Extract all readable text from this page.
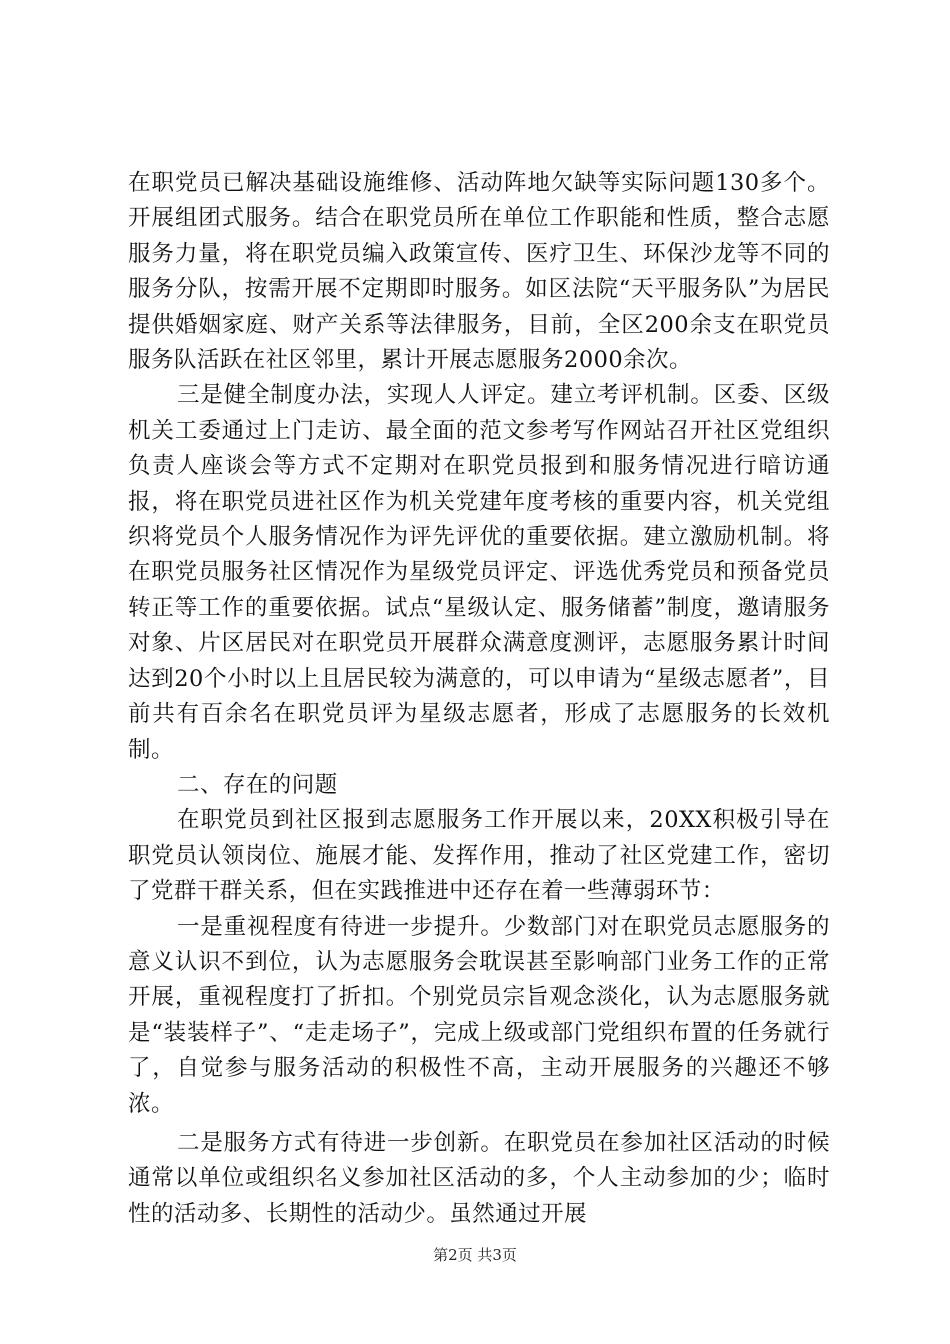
在职党员已解决基础设施维修、活动阵地欠缺等实际问题130多个。开展组团式服务。结合在职党员所在单位工作职能和性质，整合志愿服务力量，将在职党员编入政策宣传、医疗卫生、环保沙龙等不同的服务分队，按需开展不定期即时服务。如区法院“天平服务队”为居民提供婚姻家庭、财产关系等法律服务，目前，全区200余支在职党员服务队活跃在社区邻里，累计开展志愿服务2000余次。

三是健全制度办法，实现人人评定。建立考评机制。区委、区级机关工委通过上门走访、最全面的范文参考写作网站召开社区党组织负责人座谈会等方式不定期对在职党员报到和服务情况进行暗访通报，将在职党员进社区作为机关党建年度考核的重要内容，机关党组织将党员个人服务情况作为评先评优的重要依据。建立激励机制。将在职党员服务社区情况作为星级党员评定、评选优秀党员和预备党员转正等工作的重要依据。试点“星级认定、服务储蓄”制度，邀请服务对象、片区居民对在职党员开展群众满意度测评，志愿服务累计时间达到20个小时以上且居民较为满意的，可以申请为“星级志愿者”，目前共有百余名在职党员评为星级志愿者，形成了志愿服务的长效机制。

二、存在的问题

在职党员到社区报到志愿服务工作开展以来，20XX积极引导在职党员认领岗位、施展才能、发挥作用，推动了社区党建工作，密切了党群干群关系，但在实践推进中还存在着一些薄弱环节：

一是重视程度有待进一步提升。少数部门对在职党员志愿服务的意义认识不到位，认为志愿服务会耽误甚至影响部门业务工作的正常开展，重视程度打了折扣。个别党员宗旨观念淡化，认为志愿服务就是“装装样子”、“走走场子”，完成上级或部门党组织布置的任务就行了，自觉参与服务活动的积极性不高，主动开展服务的兴趣还不够浓。

二是服务方式有待进一步创新。在职党员在参加社区活动的时候通常以单位或组织名义参加社区活动的多，个人主动参加的少；临时性的活动多、长期性的活动少。虽然通过开展

第2页 共3页
